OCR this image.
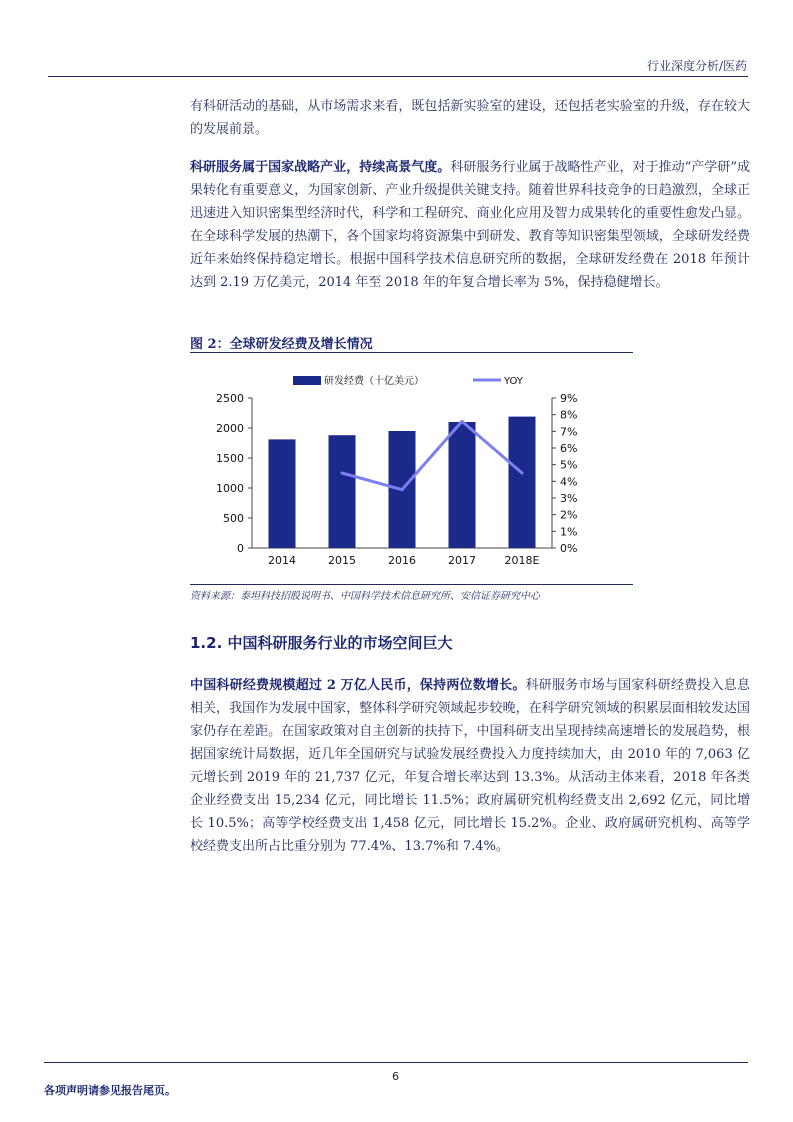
行业深度分析/医药

有科研活动的基础，从市场需求来看，既包括新实验室的建设，还包括老实验室的升级，存在较大的发展前景。

科研服务属于国家战略产业，持续高景气度。科研服务行业属于战略性产业，对于推动“产学研”成果转化有重要意义，为国家创新、产业升级提供关键支持。随着世界科技竞争的日趋激烈，全球正迅速进入知识密集型经济时代，科学和工程研究、商业化应用及智力成果转化的重要性愈发凸显。在全球科学发展的热潮下，各个国家均将资源集中到研发、教育等知识密集型领域，全球研发经费近年来始终保持稳定增长。根据中国科学技术信息研究所的数据，全球研发经费在 2018 年预计达到 2.19 万亿美元，2014 年至 2018 年的年复合增长率为 5%，保持稳健增长。

图 2：全球研发经费及增长情况
研发经费（十亿美元）	YOY
0
500
1000
1500
2000
2500
0%
1%
2%
3%
4%
5%
6%
7%
8%
9%
2014	2015	2016	2017	2018E
资料来源：泰坦科技招股说明书、中国科学技术信息研究所、安信证券研究中心
1.2. 中国科研服务行业的市场空间巨大

中国科研经费规模超过 2 万亿人民币，保持两位数增长。科研服务市场与国家科研经费投入息息相关，我国作为发展中国家，整体科学研究领域起步较晚，在科学研究领域的积累层面相较发达国家仍存在差距。在国家政策对自主创新的扶持下，中国科研支出呈现持续高速增长的发展趋势，根据国家统计局数据，近几年全国研究与试验发展经费投入力度持续加大，由 2010 年的 7,063 亿元增长到 2019 年的 21,737 亿元，年复合增长率达到 13.3%。从活动主体来看，2018 年各类企业经费支出 15,234 亿元，同比增长 11.5%；政府属研究机构经费支出 2,692 亿元，同比增长 10.5%；高等学校经费支出 1,458 亿元，同比增长 15.2%。企业、政府属研究机构、高等学校经费支出所占比重分别为 77.4%、13.7%和 7.4%。

6
各项声明请参见报告尾页。
